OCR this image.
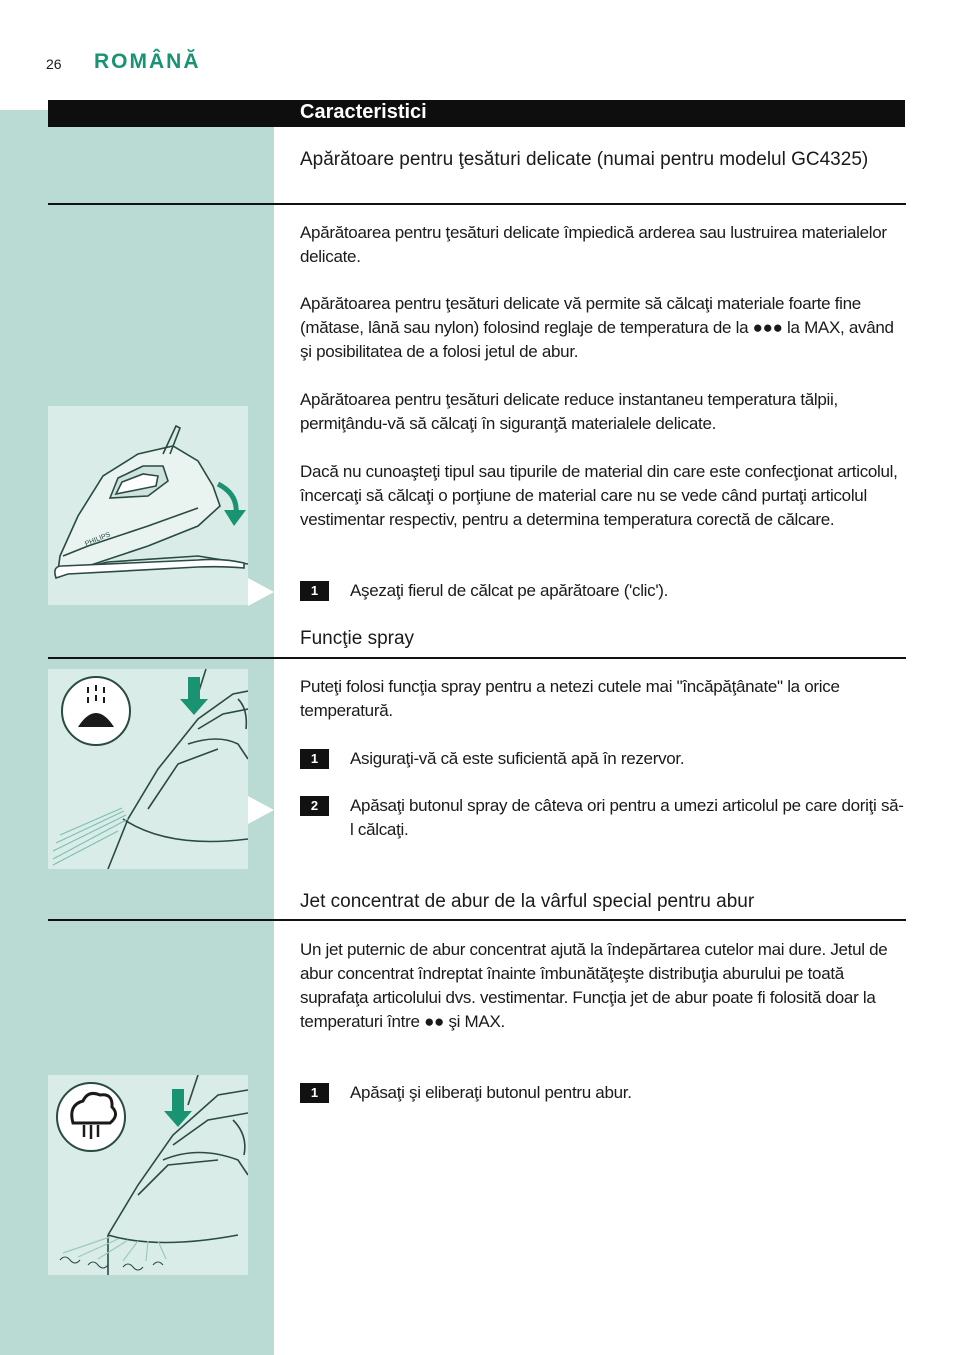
26 ROMÂNĂ
Caracteristici
Apărătoare pentru ţesături delicate (numai pentru modelul GC4325)
Apărătoarea pentru ţesături delicate împiedică arderea sau lustruirea materialelor delicate.
Apărătoarea pentru ţesături delicate vă permite să călcaţi materiale foarte fine (mătase, lână sau nylon) folosind reglaje de temperatura de la ●●● la MAX, având şi posibilitatea de a folosi jetul de abur.
Apărătoarea pentru ţesături delicate reduce instantaneu temperatura tălpii, permiţându-vă să călcaţi în siguranţă materialele delicate.
Dacă nu cunoaşteţi tipul sau tipurile de material din care este confecţionat articolul, încercaţi să călcaţi o porţiune de material care nu se vede când purtaţi articolul vestimentar respectiv, pentru a determina temperatura corectă de călcare.
1	Aşezaţi fierul de călcat pe apărătoare ('clic').
PHILIPS
Funcţie spray
Puteţi folosi funcţia spray pentru a netezi cutele mai "încăpăţânate" la orice temperatură.
1	Asiguraţi-vă că este suficientă apă în rezervor.
2	Apăsaţi butonul spray de câteva ori pentru a umezi articolul pe care doriţi să-l călcaţi.
Jet concentrat de abur de la vârful special pentru abur
Un jet puternic de abur concentrat ajută la îndepărtarea cutelor mai dure. Jetul de abur concentrat îndreptat înainte îmbunătăţeşte distribuţia aburului pe toată suprafaţa articolului dvs. vestimentar. Funcţia jet de abur poate fi folosită doar la temperaturi între ●● şi MAX.
1	Apăsaţi şi eliberaţi butonul pentru abur.
